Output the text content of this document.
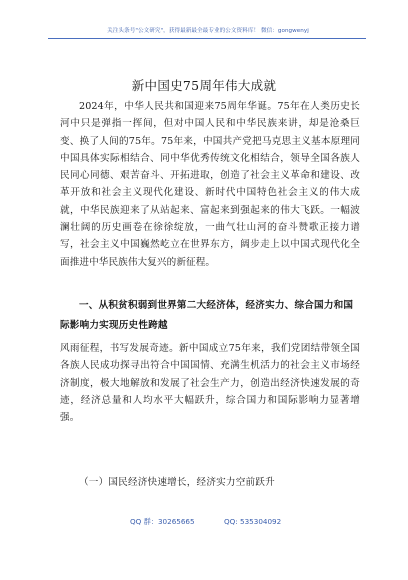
关注头条号"公文研究"，获得最新最全最专业的公文资料库！ 微信：gongwenyj
新中国史75周年伟大成就

2024年，中华人民共和国迎来75周年华诞。75年在人类历史长河中只是弹指一挥间，但对中国人民和中华民族来讲，却是沧桑巨变、换了人间的75年。75年来，中国共产党把马克思主义基本原理同中国具体实际相结合、同中华优秀传统文化相结合，领导全国各族人民同心同德、艰苦奋斗、开拓进取，创造了社会主义革命和建设、改革开放和社会主义现代化建设、新时代中国特色社会主义的伟大成就，中华民族迎来了从站起来、富起来到强起来的伟大飞跃。一幅波澜壮阔的历史画卷在徐徐绽放，一曲气壮山河的奋斗赞歌正接力谱写，社会主义中国巍然屹立在世界东方，阔步走上以中国式现代化全面推进中华民族伟大复兴的新征程。

一、从积贫积弱到世界第二大经济体，经济实力、综合国力和国际影响力实现历史性跨越

风雨征程，书写发展奇迹。新中国成立75年来，我们党团结带领全国各族人民成功探寻出符合中国国情、充满生机活力的社会主义市场经济制度，极大地解放和发展了社会生产力，创造出经济快速发展的奇迹，经济总量和人均水平大幅跃升，综合国力和国际影响力显著增强。

（一）国民经济快速增长，经济实力空前跃升
QQ 群：30265665	QQ: 535304092
